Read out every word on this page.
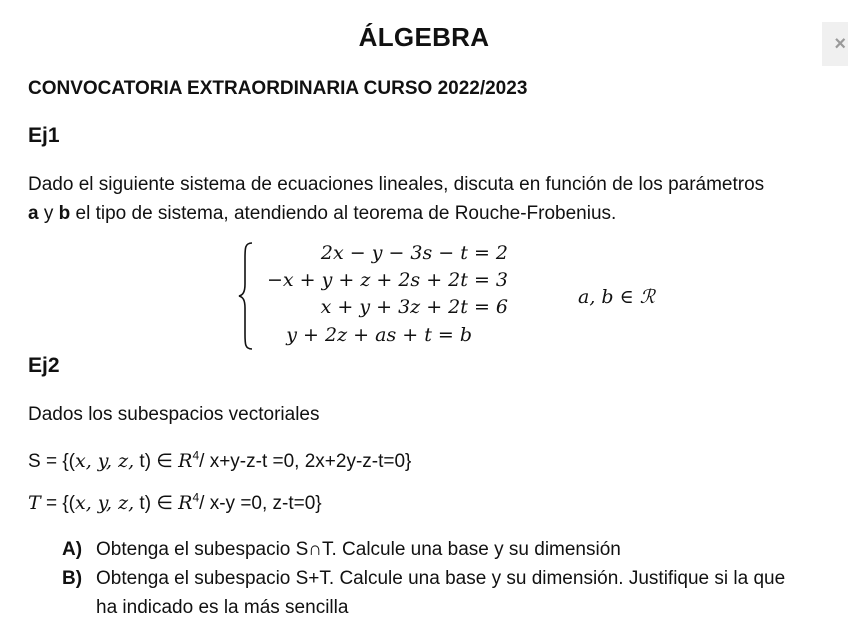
ÁLGEBRA	×
CONVOCATORIA EXTRAORDINARIA CURSO 2022/2023
Ej1
Dado el siguiente sistema de ecuaciones lineales, discuta en función de los parámetros
a y b el tipo de sistema, atendiendo al teorema de Rouche-Frobenius.
2x − y − 3s − t = 2
−x + y + z + 2s + 2t = 3
x + y + 3z + 2t = 6
y + 2z + as + t = b
a, b ∈ ℛ
Ej2
Dados los subespacios vectoriales
S = {(x, y, z, t) ∈ $R^4/$ x+y-z-t =0, 2x+2y-z-t=0}
T = {(x, y, z, t) ∈ $R^4/$ x-y =0, z-t=0}
A) Obtenga el subespacio S∩T. Calcule una base y su dimensión
B) Obtenga el subespacio S+T. Calcule una base y su dimensión. Justifique si la que
ha indicado es la más sencilla
